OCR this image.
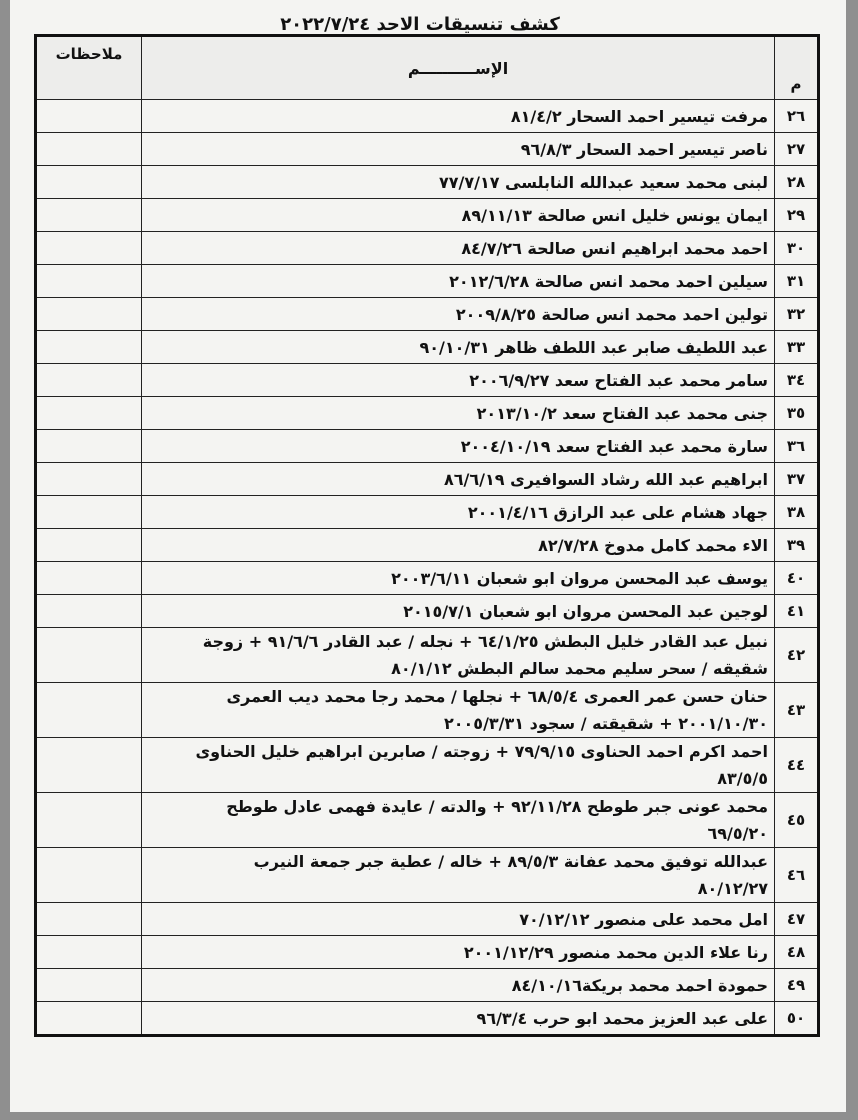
كشف تنسيقات الاحد ٢٠٢٢/٧/٢٤
م	الإســــــــــم	ملاحظات
٢٦	مرفت تيسير احمد السحار ٨١/٤/٢	

٢٧	ناصر تيسير احمد السحار ٩٦/٨/٣	

٢٨	لبنى محمد سعيد عبدالله النابلسى ٧٧/٧/١٧	

٢٩	ايمان يونس خليل انس صالحة ٨٩/١١/١٣	

٣٠	احمد محمد ابراهيم انس صالحة ٨٤/٧/٢٦	

٣١	سيلين احمد محمد انس صالحة ٢٠١٢/٦/٢٨	

٣٢	تولين احمد محمد انس صالحة ٢٠٠٩/٨/٢٥	

٣٣	عبد اللطيف صابر عبد اللطف ظاهر ٩٠/١٠/٣١	

٣٤	سامر محمد عبد الفتاح سعد ٢٠٠٦/٩/٢٧	

٣٥	جنى محمد عبد الفتاح سعد ٢٠١٣/١٠/٢	

٣٦	سارة محمد عبد الفتاح سعد ٢٠٠٤/١٠/١٩	

٣٧	ابراهيم عبد الله رشاد السوافيرى ٨٦/٦/١٩	

٣٨	جهاد هشام على عبد الرازق ٢٠٠١/٤/١٦	

٣٩	الاء محمد كامل مدوخ ٨٢/٧/٢٨	

٤٠	يوسف عبد المحسن مروان ابو شعبان ٢٠٠٣/٦/١١	

٤١	لوجين عبد المحسن مروان ابو شعبان ٢٠١٥/٧/١	

٤٢	نبيل عبد القادر خليل البطش ٦٤/١/٢٥ + نجله / عبد القادر ٩١/٦/٦ + زوجة
شقيقه / سحر سليم محمد سالم البطش ٨٠/١/١٢	

٤٣	حنان حسن عمر العمرى ٦٨/٥/٤ + نجلها / محمد رجا محمد ديب العمرى
٢٠٠١/١٠/٣٠ + شقيقته / سجود ٢٠٠٥/٣/٣١	

٤٤	احمد اكرم احمد الحناوى ٧٩/٩/١٥ + زوجته / صابرين ابراهيم خليل الحناوى
٨٣/٥/٥	

٤٥	محمد عونى جبر طوطح ٩٢/١١/٢٨ + والدته / عايدة فهمى عادل طوطح
٦٩/٥/٢٠	

٤٦	عبدالله توفيق محمد عفانة ٨٩/٥/٣ + خاله / عطية جبر جمعة النيرب
٨٠/١٢/٢٧	

٤٧	امل محمد على منصور ٧٠/١٢/١٢	

٤٨	رنا علاء الدين محمد منصور ٢٠٠١/١٢/٢٩	

٤٩	حمودة احمد محمد بريكة٨٤/١٠/١٦	

٥٠	على عبد العزيز محمد ابو حرب ٩٦/٣/٤	
